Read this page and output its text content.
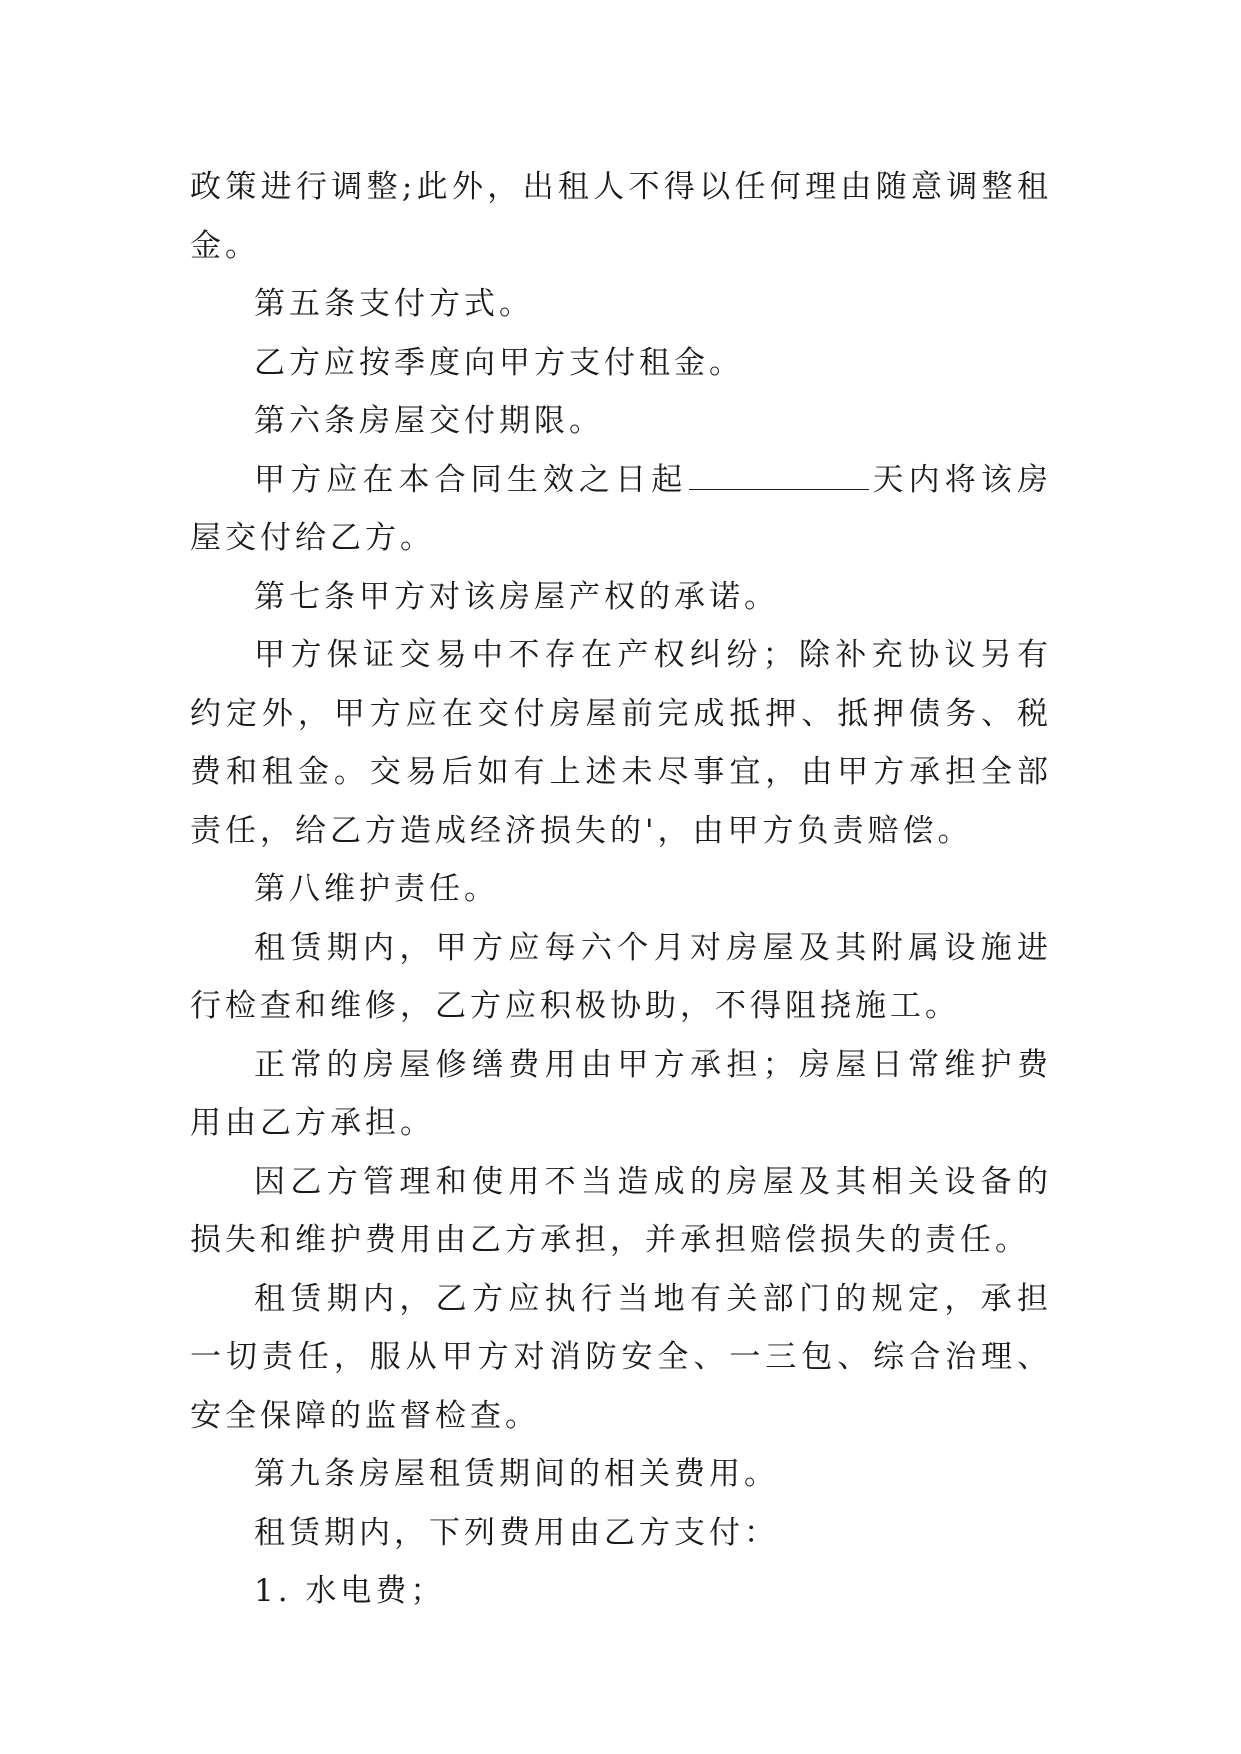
政策进行调整;此外，出租人不得以任何理由随意调整租金。

第五条支付方式。

乙方应按季度向甲方支付租金。

第六条房屋交付期限。

甲方应在本合同生效之日起	天内将该房屋交付给乙方。

第七条甲方对该房屋产权的承诺。

甲方保证交易中不存在产权纠纷；除补充协议另有约定外，甲方应在交付房屋前完成抵押、抵押债务、税费和租金。交易后如有上述未尽事宜，由甲方承担全部责任，给乙方造成经济损失的'，由甲方负责赔偿。

第八维护责任。

租赁期内，甲方应每六个月对房屋及其附属设施进行检查和维修，乙方应积极协助，不得阻挠施工。

正常的房屋修缮费用由甲方承担；房屋日常维护费用由乙方承担。

因乙方管理和使用不当造成的房屋及其相关设备的损失和维护费用由乙方承担，并承担赔偿损失的责任。

租赁期内，乙方应执行当地有关部门的规定，承担一切责任，服从甲方对消防安全、一三包、综合治理、安全保障的监督检查。

第九条房屋租赁期间的相关费用。

租赁期内，下列费用由乙方支付：

1. 水电费；
